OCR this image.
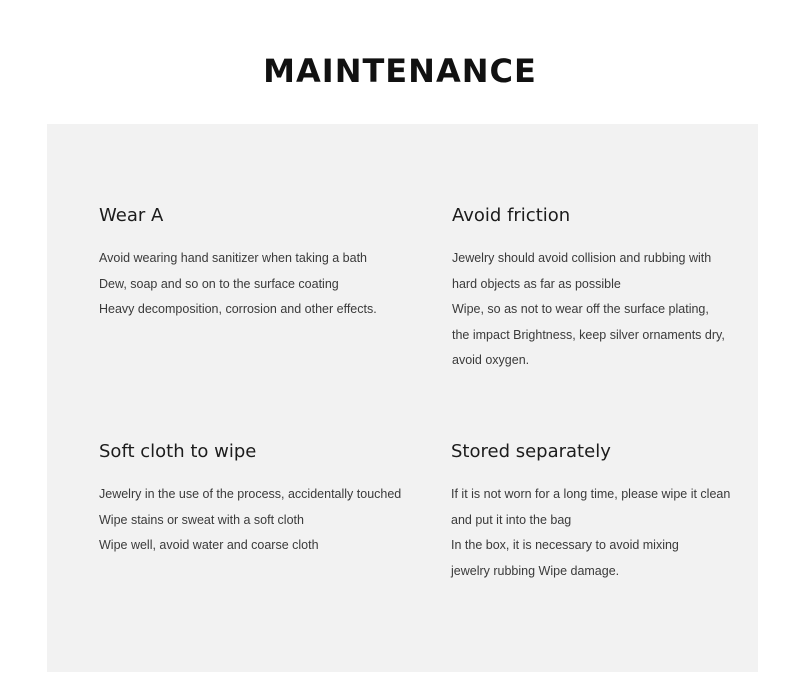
MAINTENANCE
Wear A
Avoid wearing hand sanitizer when taking a bath
Dew, soap and so on to the surface coating
Heavy decomposition, corrosion and other effects.
Avoid friction
Jewelry should avoid collision and rubbing with
hard objects as far as possible
Wipe, so as not to wear off the surface plating,
the impact Brightness, keep silver ornaments dry,
avoid oxygen.
Soft cloth to wipe
Jewelry in the use of the process, accidentally touched
Wipe stains or sweat with a soft cloth
Wipe well, avoid water and coarse cloth
Stored separately
If it is not worn for a long time, please wipe it clean
and put it into the bag
In the box, it is necessary to avoid mixing
jewelry rubbing Wipe damage.
